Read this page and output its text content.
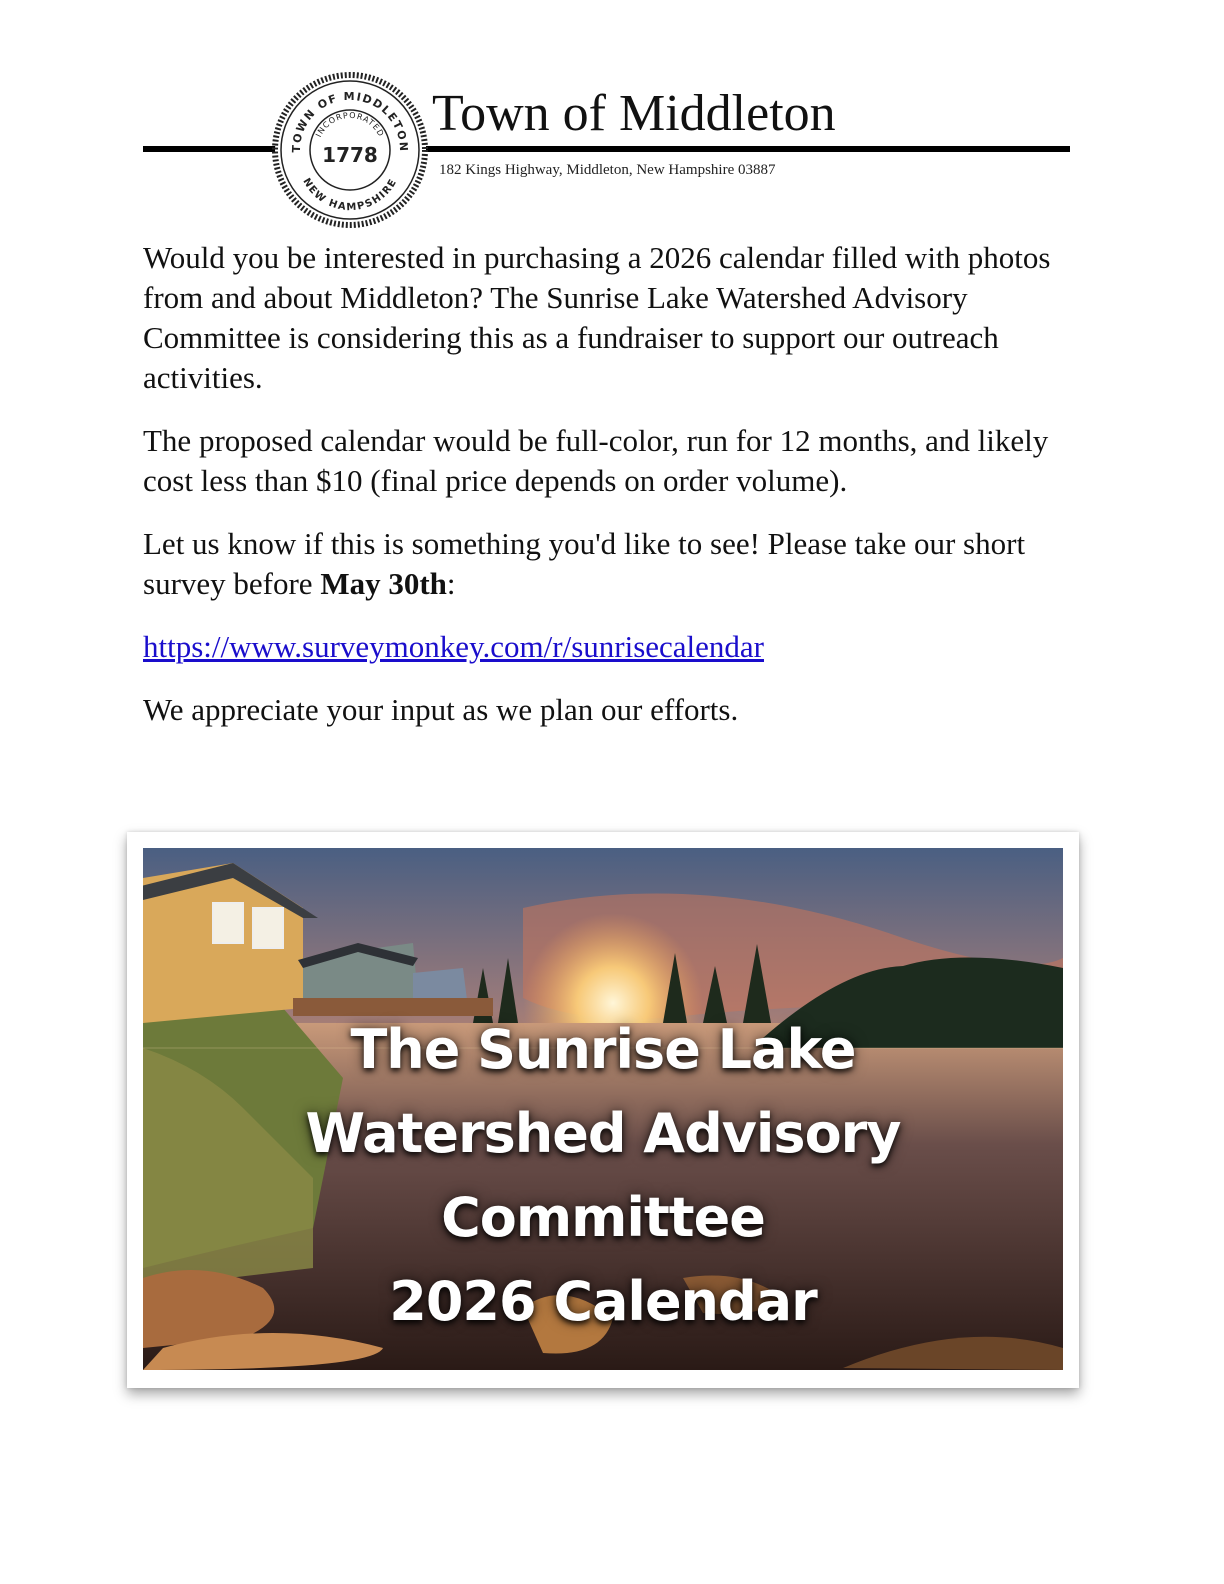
TOWN OF MIDDLETON
NEW HAMPSHIRE
INCORPORATED
1778
Town of Middleton
182 Kings Highway, Middleton, New Hampshire 03887

Would you be interested in purchasing a 2026 calendar filled with photos from and about Middleton? The Sunrise Lake Watershed Advisory Committee is considering this as a fundraiser to support our outreach activities.

The proposed calendar would be full-color, run for 12 months, and likely cost less than $10 (final price depends on order volume).

Let us know if this is something you'd like to see! Please take our short survey before May 30th:

https://www.surveymonkey.com/r/sunrisecalendar

We appreciate your input as we plan our efforts.

The Sunrise Lake
Watershed Advisory Committee
2026 Calendar
